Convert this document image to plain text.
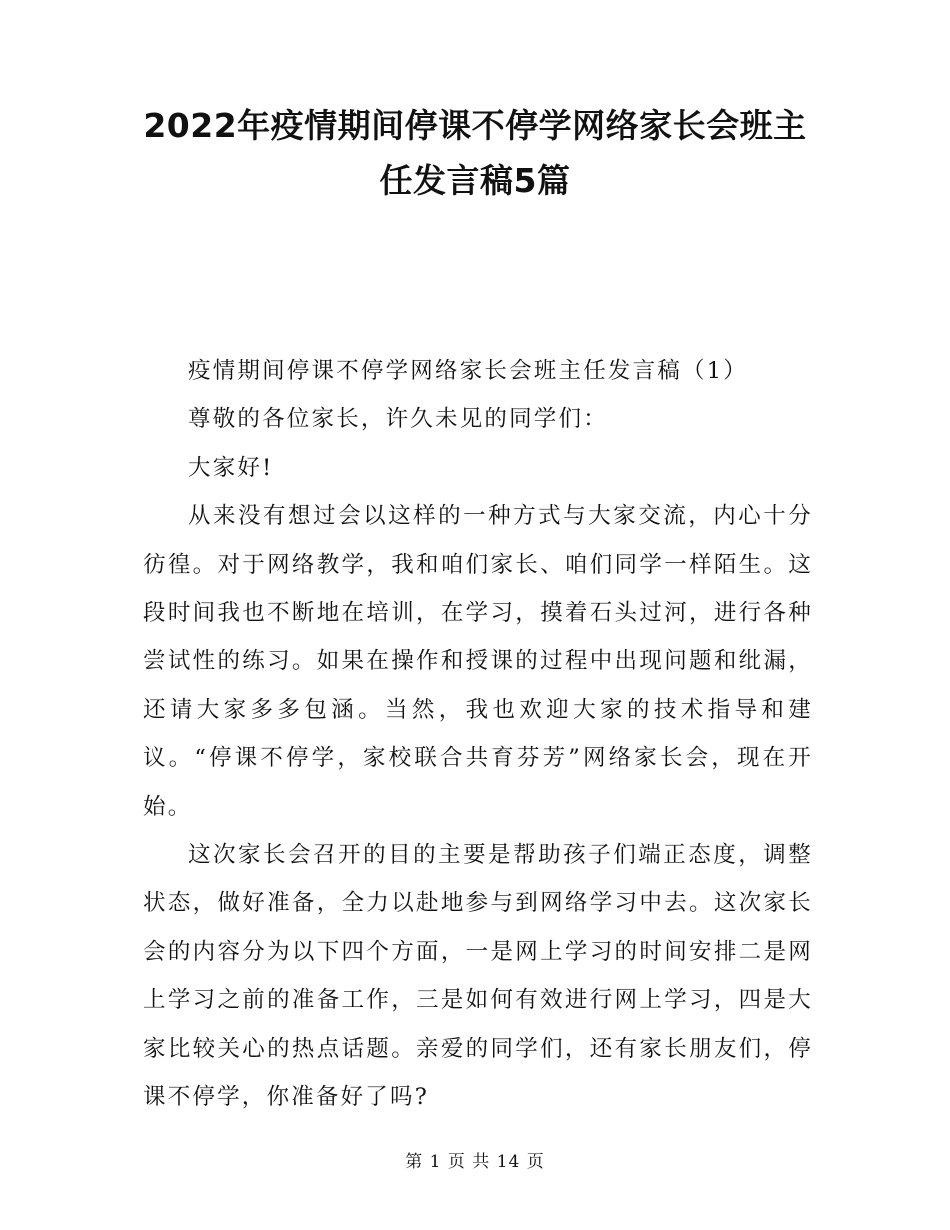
2022年疫情期间停课不停学网络家长会班主
任发言稿5篇

疫情期间停课不停学网络家长会班主任发言稿（1）

尊敬的各位家长，许久未见的同学们：

大家好!

从来没有想过会以这样的一种方式与大家交流，内心十分彷徨。对于网络教学，我和咱们家长、咱们同学一样陌生。这段时间我也不断地在培训，在学习，摸着石头过河，进行各种尝试性的练习。如果在操作和授课的过程中出现问题和纰漏，还请大家多多包涵。当然，我也欢迎大家的技术指导和建议。“停课不停学，家校联合共育芬芳”网络家长会，现在开始。

这次家长会召开的目的主要是帮助孩子们端正态度，调整状态，做好准备，全力以赴地参与到网络学习中去。这次家长会的内容分为以下四个方面，一是网上学习的时间安排二是网上学习之前的准备工作，三是如何有效进行网上学习，四是大家比较关心的热点话题。亲爱的同学们，还有家长朋友们，停课不停学，你准备好了吗?

第 1 页 共 14 页
